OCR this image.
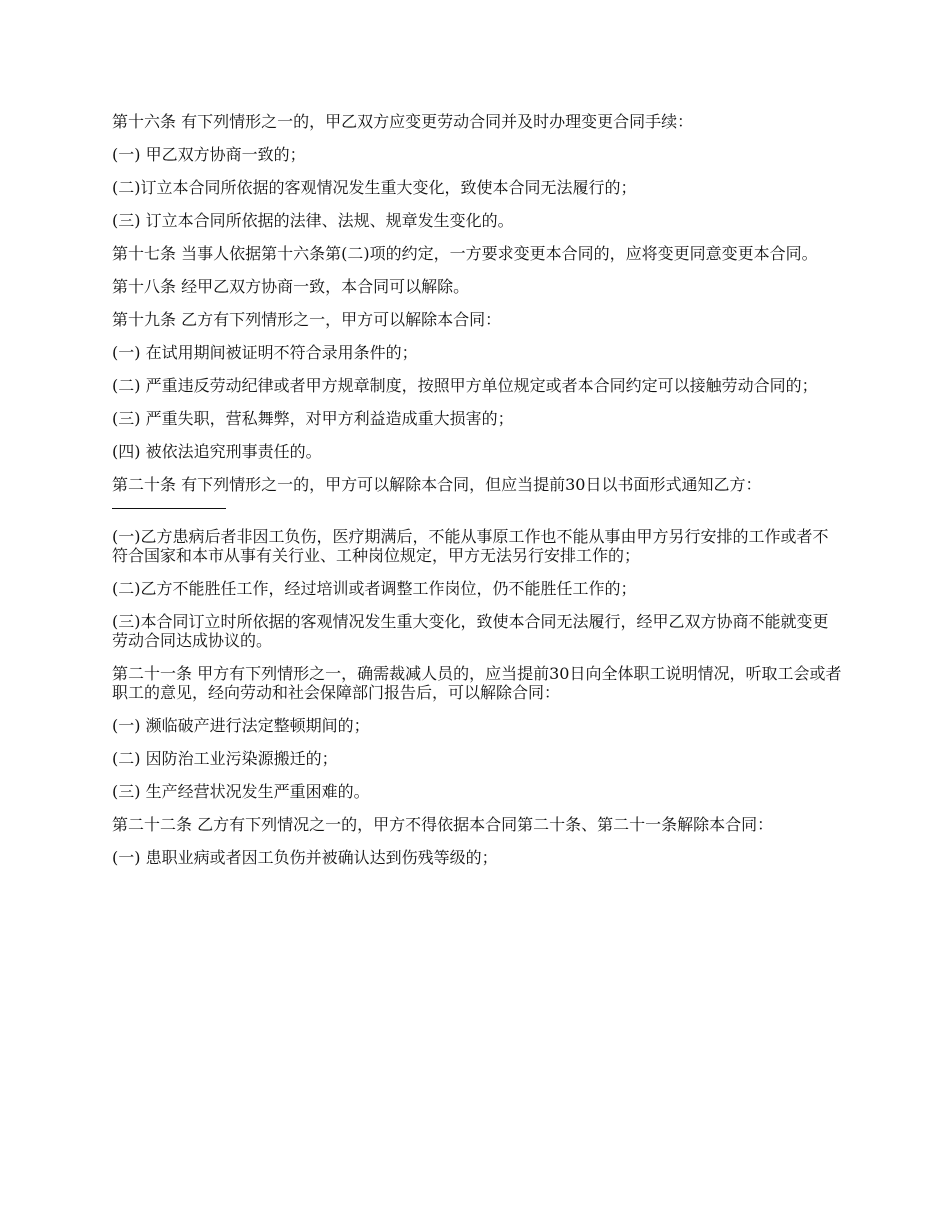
第十六条 有下列情形之一的，甲乙双方应变更劳动合同并及时办理变更合同手续：

(一) 甲乙双方协商一致的；

(二)订立本合同所依据的客观情况发生重大变化，致使本合同无法履行的；

(三) 订立本合同所依据的法律、法规、规章发生变化的。

第十七条 当事人依据第十六条第(二)项的约定，一方要求变更本合同的，应将变更同意变更本合同。

第十八条 经甲乙双方协商一致，本合同可以解除。

第十九条 乙方有下列情形之一，甲方可以解除本合同：

(一) 在试用期间被证明不符合录用条件的；

(二) 严重违反劳动纪律或者甲方规章制度，按照甲方单位规定或者本合同约定可以接触劳动合同的；

(三) 严重失职，营私舞弊，对甲方利益造成重大损害的；

(四) 被依法追究刑事责任的。

第二十条 有下列情形之一的，甲方可以解除本合同，但应当提前30日以书面形式通知乙方：

(一)乙方患病后者非因工负伤，医疗期满后，不能从事原工作也不能从事由甲方另行安排的工作或者不符合国家和本市从事有关行业、工种岗位规定，甲方无法另行安排工作的；

(二)乙方不能胜任工作，经过培训或者调整工作岗位，仍不能胜任工作的；

(三)本合同订立时所依据的客观情况发生重大变化，致使本合同无法履行，经甲乙双方协商不能就变更劳动合同达成协议的。

第二十一条 甲方有下列情形之一，确需裁减人员的，应当提前30日向全体职工说明情况，听取工会或者职工的意见，经向劳动和社会保障部门报告后，可以解除合同：

(一) 濒临破产进行法定整顿期间的；

(二) 因防治工业污染源搬迁的；

(三) 生产经营状况发生严重困难的。

第二十二条 乙方有下列情况之一的，甲方不得依据本合同第二十条、第二十一条解除本合同：

(一) 患职业病或者因工负伤并被确认达到伤残等级的；
